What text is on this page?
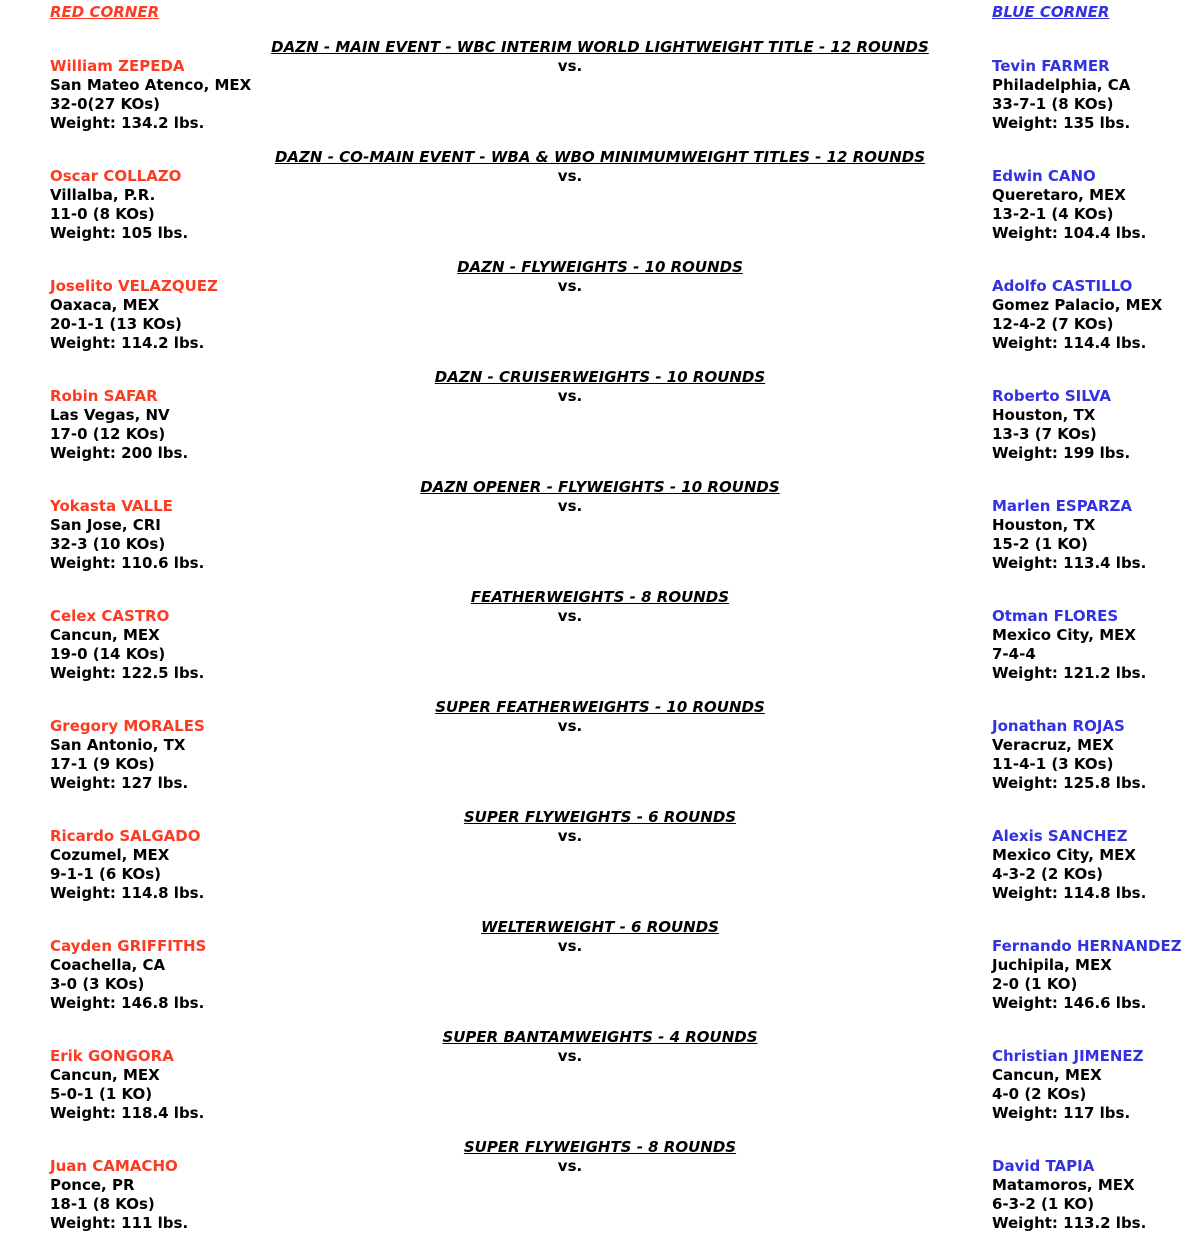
RED CORNER	BLUE CORNER
DAZN - MAIN EVENT - WBC INTERIM WORLD LIGHTWEIGHT TITLE - 12 ROUNDS
vs.
William ZEPEDA
San Mateo Atenco, MEX
32-0(27 KOs)
Weight: 134.2 lbs.
Tevin FARMER
Philadelphia, CA
33-7-1 (8 KOs)
Weight: 135 lbs.
DAZN - CO-MAIN EVENT - WBA & WBO MINIMUMWEIGHT TITLES - 12 ROUNDS
vs.
Oscar COLLAZO
Villalba, P.R.
11-0 (8 KOs)
Weight: 105 lbs.
Edwin CANO
Queretaro, MEX
13-2-1 (4 KOs)
Weight: 104.4 lbs.
DAZN - FLYWEIGHTS - 10 ROUNDS
vs.
Joselito VELAZQUEZ
Oaxaca, MEX
20-1-1 (13 KOs)
Weight: 114.2 lbs.
Adolfo CASTILLO
Gomez Palacio, MEX
12-4-2 (7 KOs)
Weight: 114.4 lbs.
DAZN - CRUISERWEIGHTS - 10 ROUNDS
vs.
Robin SAFAR
Las Vegas, NV
17-0 (12 KOs)
Weight: 200 lbs.
Roberto SILVA
Houston, TX
13-3 (7 KOs)
Weight: 199 lbs.
DAZN OPENER - FLYWEIGHTS - 10 ROUNDS
vs.
Yokasta VALLE
San Jose, CRI
32-3 (10 KOs)
Weight: 110.6 lbs.
Marlen ESPARZA
Houston, TX
15-2 (1 KO)
Weight: 113.4 lbs.
FEATHERWEIGHTS - 8 ROUNDS
vs.
Celex CASTRO
Cancun, MEX
19-0 (14 KOs)
Weight: 122.5 lbs.
Otman FLORES
Mexico City, MEX
7-4-4
Weight: 121.2 lbs.
SUPER FEATHERWEIGHTS - 10 ROUNDS
vs.
Gregory MORALES
San Antonio, TX
17-1 (9 KOs)
Weight: 127 lbs.
Jonathan ROJAS
Veracruz, MEX
11-4-1 (3 KOs)
Weight: 125.8 lbs.
SUPER FLYWEIGHTS - 6 ROUNDS
vs.
Ricardo SALGADO
Cozumel, MEX
9-1-1 (6 KOs)
Weight: 114.8 lbs.
Alexis SANCHEZ
Mexico City, MEX
4-3-2 (2 KOs)
Weight: 114.8 lbs.
WELTERWEIGHT - 6 ROUNDS
vs.
Cayden GRIFFITHS
Coachella, CA
3-0 (3 KOs)
Weight: 146.8 lbs.
Fernando HERNANDEZ
Juchipila, MEX
2-0 (1 KO)
Weight: 146.6 lbs.
SUPER BANTAMWEIGHTS - 4 ROUNDS
vs.
Erik GONGORA
Cancun, MEX
5-0-1 (1 KO)
Weight: 118.4 lbs.
Christian JIMENEZ
Cancun, MEX
4-0 (2 KOs)
Weight: 117 lbs.
SUPER FLYWEIGHTS - 8 ROUNDS
vs.
Juan CAMACHO
Ponce, PR
18-1 (8 KOs)
Weight: 111 lbs.
David TAPIA
Matamoros, MEX
6-3-2 (1 KO)
Weight: 113.2 lbs.
